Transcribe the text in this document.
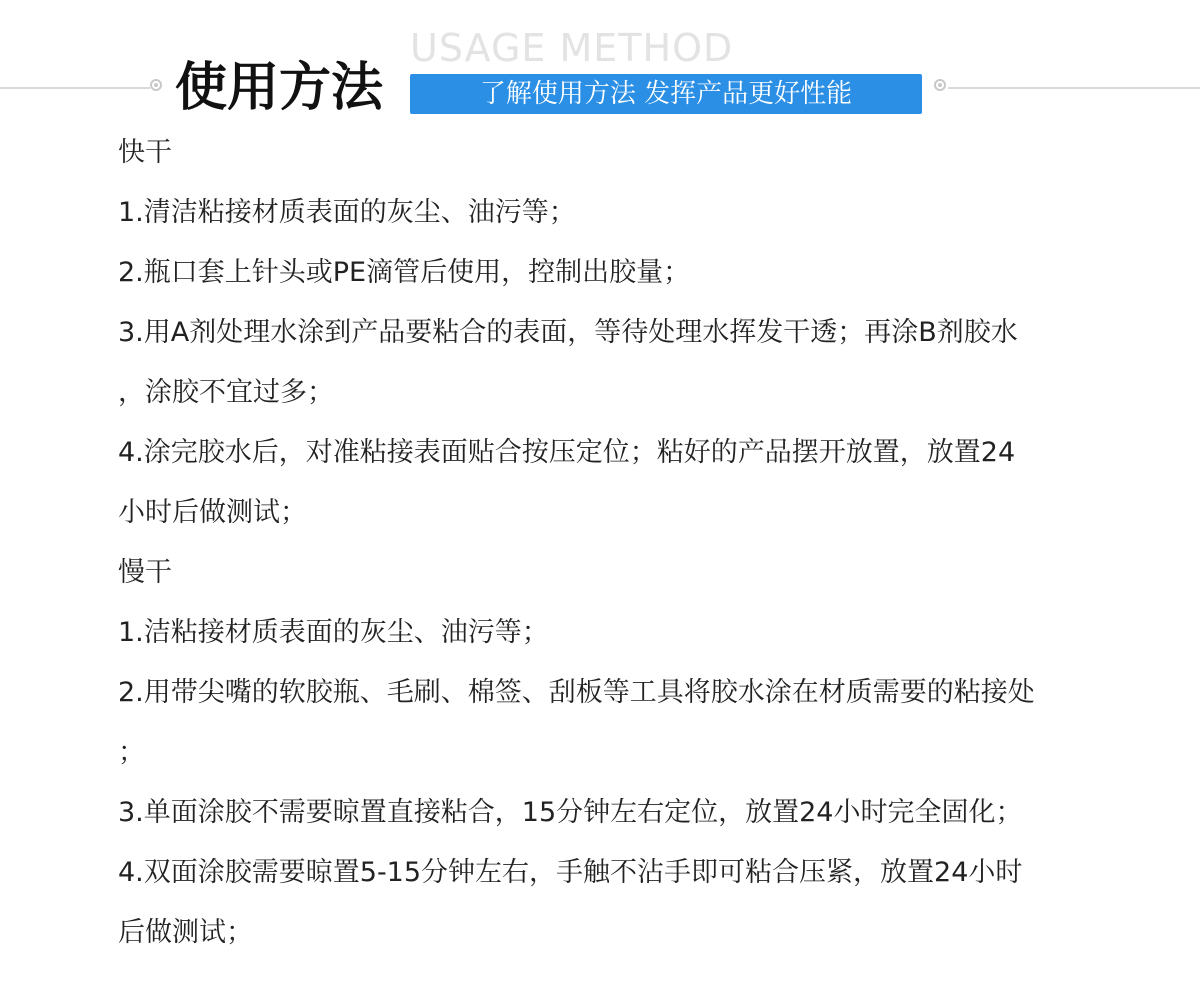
USAGE METHOD
使用方法	了解使用方法 发挥产品更好性能
快干
1.清洁粘接材质表面的灰尘、油污等；
2.瓶口套上针头或PE滴管后使用，控制出胶量；
3.用A剂处理水涂到产品要粘合的表面，等待处理水挥发干透；再涂B剂胶水
，涂胶不宜过多；
4.涂完胶水后，对准粘接表面贴合按压定位；粘好的产品摆开放置，放置24
小时后做测试；
慢干
1.洁粘接材质表面的灰尘、油污等；
2.用带尖嘴的软胶瓶、毛刷、棉签、刮板等工具将胶水涂在材质需要的粘接处
；
3.单面涂胶不需要晾置直接粘合，15分钟左右定位，放置24小时完全固化；
4.双面涂胶需要晾置5-15分钟左右，手触不沾手即可粘合压紧，放置24小时
后做测试；
